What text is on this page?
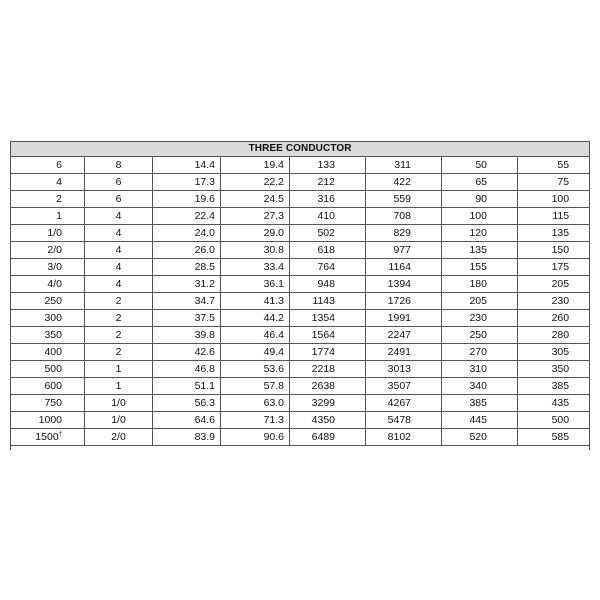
THREE CONDUCTOR							
6	8	14.4	19.4	133	311	50	55
4	6	17.3	22.2	212	422	65	75
2	6	19.6	24.5	316	559	90	100
1	4	22.4	27.3	410	708	100	115
1/0	4	24.0	29.0	502	829	120	135
2/0	4	26.0	30.8	618	977	135	150
3/0	4	28.5	33.4	764	1164	155	175
4/0	4	31.2	36.1	948	1394	180	205
250	2	34.7	41.3	1143	1726	205	230
300	2	37.5	44.2	1354	1991	230	260
350	2	39.8	46.4	1564	2247	250	280
400	2	42.6	49.4	1774	2491	270	305
500	1	46.8	53.6	2218	3013	310	350
600	1	51.1	57.8	2638	3507	340	385
750	1/0	56.3	63.0	3299	4267	385	435
1000	1/0	64.6	71.3	4350	5478	445	500
1500†	2/0	83.9	90.6	6489	8102	520	585
